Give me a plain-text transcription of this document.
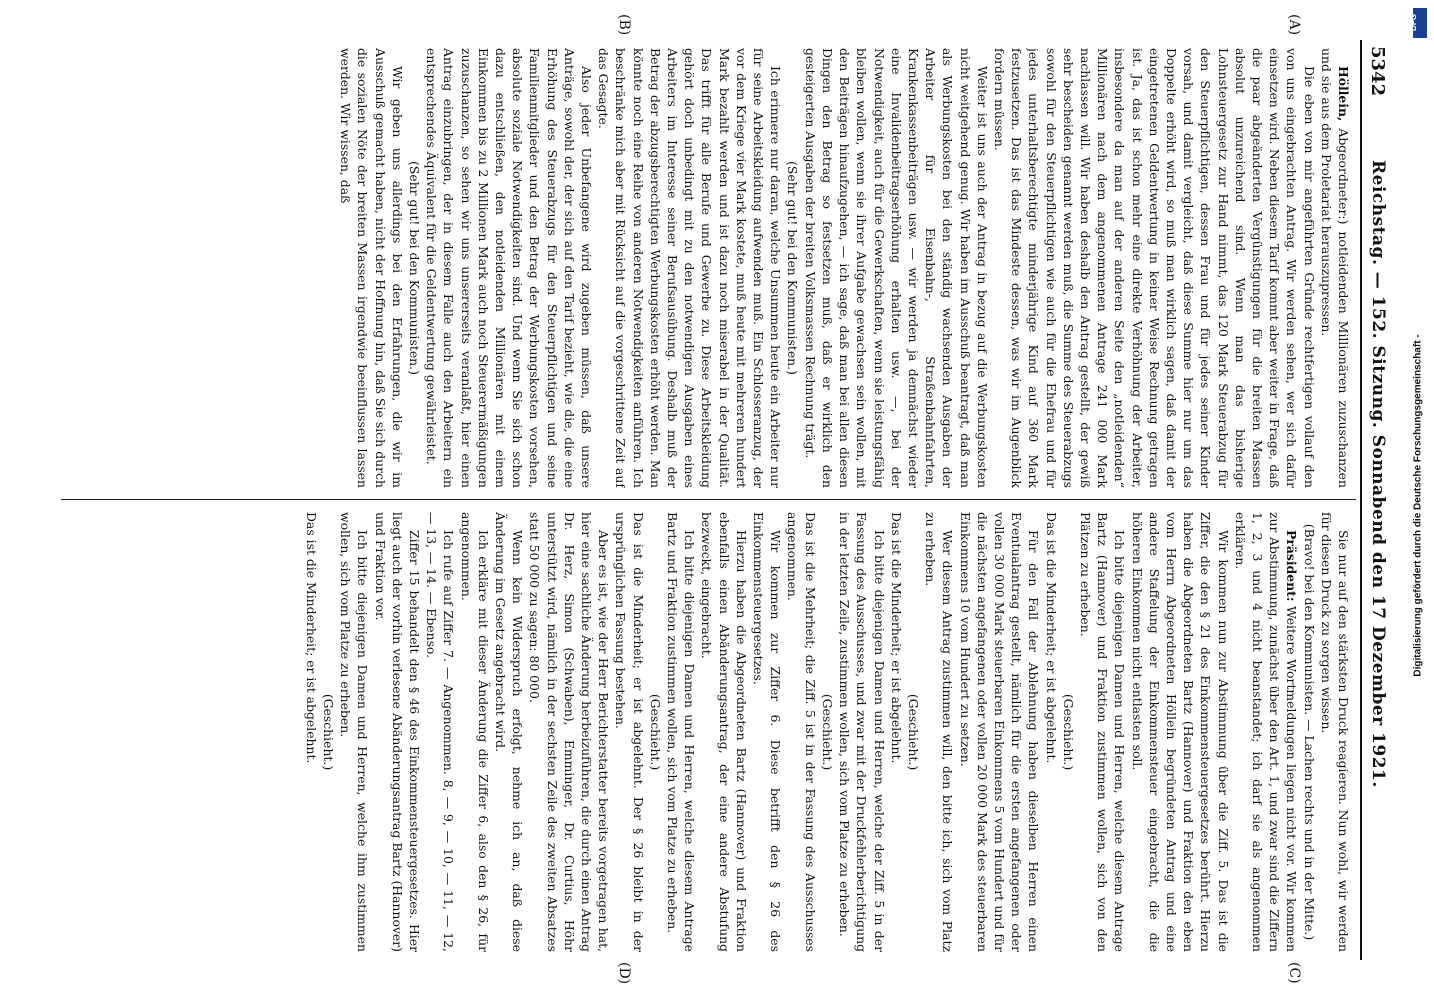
5342
Reichstag. — 152. Sitzung. Sonnabend den 17 Dezember 1921.

Höllein, Abgeordneter:) notleidenden Millionären zuzuschanzen und sie aus dem Proletariat herauszupressen.

Die eben von mir angeführten Gründe rechtfertigen vollauf den von uns eingebrachten Antrag. Wir werden sehen, wer sich dafür einsetzen wird. Neben diesem Tarif kommt aber weiter in Frage, daß die paar abgeänderten Vergünstigungen für die breiten Massen absolut unzureichend sind. Wenn man das bisherige Lohnsteuergesetz zur Hand nimmt, das 120 Mark Steuerabzug für den Steuerpflichtigen, dessen Frau und für jedes seiner Kinder vorsah, und damit vergleicht, daß diese Summe hier nur um das Doppelte erhöht wird, so muß man wirklich sagen, daß damit der eingetretenen Geldentwertung in keiner Weise Rechnung getragen ist. Ja, das ist schon mehr eine direkte Verhöhnung der Arbeiter, insbesondere da man auf der anderen Seite den „notleidenden“ Millionären nach dem angenommenen Antrage 241 000 Mark nachlassen will. Wir haben deshalb den Antrag gestellt, der gewiß sehr bescheiden genannt werden muß, die Summe des Steuerabzugs sowohl für den Steuerpflichtigen wie auch für die Ehefrau und für jedes unterhaltsberechtigte minderjährige Kind auf 360 Mark festzusetzen. Das ist das Mindeste dessen, was wir im Augenblick fordern müssen.

Weiter ist uns auch der Antrag in bezug auf die Werbungskosten nicht weitgehend genug. Wir haben im Ausschuß beantragt, daß man als Werbungskosten bei den ständig wachsenden Ausgaben der Arbeiter für Eisenbahn-, Straßenbahnfahrten, Krankenkassenbeiträgen usw. — wir werden ja demnächst wieder eine Invalidenbeitragserhöhung erhalten usw. —, bei der Notwendigkeit, auch für die Gewerkschaften, wenn sie leistungsfähig bleiben wollen, wenn sie ihrer Aufgabe gewachsen sein wollen, mit den Beiträgen hinaufzugehen, — ich sage, daß man bei allen diesen Dingen den Betrag so festsetzen muß, daß er wirklich den gesteigerten Ausgaben der breiten Volksmassen Rechnung trägt.

(Sehr gut! bei den Kommunisten.)

Ich erinnere nur daran, welche Unsummen heute ein Arbeiter nur für seine Arbeitskleidung aufwenden muß. Ein Schlosseranzug, der vor dem Kriege vier Mark kostete, muß heute mit mehreren hundert Mark bezahlt werden und ist dazu noch miserabel in der Qualität. Das trifft für alle Berufe und Gewerbe zu. Diese Arbeitskleidung gehört doch unbedingt mit zu den notwendigen Ausgaben eines Arbeiters im Interesse seiner Berufsausübung. Deshalb muß der Betrag der abzugsberechtigten Werbungskosten erhöht werden. Man könnte noch eine Reihe von anderen Notwendigkeiten anführen. Ich beschränke mich aber mit Rücksicht auf die vorgeschrittene Zeit auf das Gesagte.

Also jeder Unbefangene wird zugeben müssen, daß unsere Anträge, sowohl der, der sich auf den Tarif bezieht, wie die, die eine Erhöhung des Steuerabzugs für den Steuerpflichtigen und seine Familienmitglieder und den Betrag der Werbungskosten vorsehen, absolute soziale Notwendigkeiten sind. Und wenn Sie sich schon dazu entschließen, den notleidenden Millionären mit einem Einkommen bis zu 2 Millionen Mark auch noch Steuerermäßigungen zuzuschanzen, so sehen wir uns unsererseits veranlaßt, hier einen Antrag einzubringen, der in diesem Falle auch den Arbeitern ein entsprechendes Äquivalent für die Geldentwertung gewährleistet.

(Sehr gut! bei den Kommunisten.)

Wir geben uns allerdings bei den Erfahrungen, die wir im Ausschuß gemacht haben, nicht der Hoffnung hin, daß Sie sich durch die sozialen Nöte der breiten Massen irgendwie beeinflussen lassen werden. Wir wissen, daß

Sie nur auf den stärksten Druck reagieren. Nun wohl, wir werden für diesen Druck zu sorgen wissen.

(Bravo! bei den Kommunisten. — Lachen rechts und in der Mitte.)

Präsident: Weitere Wortmeldungen liegen nicht vor. Wir kommen zur Abstimmung, zunächst über den Art. 1, und zwar sind die Ziffern 1, 2, 3 und 4 nicht beanstandet; ich darf sie als angenommen erklären.

Wir kommen nun zur Abstimmung über die Ziff. 5. Das ist die Ziffer, die den § 21 des Einkommensteuergesetzes berührt. Hierzu haben die Abgeordneten Bartz (Hannover) und Fraktion den eben vom Herrn Abgeordneten Höllein begründeten Antrag und eine andere Staffelung der Einkommensteuer eingebracht, die die höheren Einkommen nicht entlasten soll.

Ich bitte diejenigen Damen und Herren, welche diesem Antrage Bartz (Hannover) und Fraktion zustimmen wollen, sich von den Plätzen zu erheben.

(Geschieht.)

Das ist die Minderheit; er ist abgelehnt.

Für den Fall der Ablehnung haben dieselben Herren einen Eventualantrag gestellt, nämlich für die ersten angefangenen oder vollen 30 000 Mark steuerbaren Einkommens 5 vom Hundert und für die nächsten angefangenen oder vollen 20 000 Mark des steuerbaren Einkommens 10 vom Hundert zu setzen.

Wer diesem Antrag zustimmen will, den bitte ich, sich vom Platz zu erheben.

(Geschieht.)

Das ist die Minderheit; er ist abgelehnt.

Ich bitte diejenigen Damen und Herren, welche der Ziff. 5 in der Fassung des Ausschusses, und zwar mit der Druckfehlerberichtigung in der letzten Zeile, zustimmen wollen, sich vom Platze zu erheben.

(Geschieht.)

Das ist die Mehrheit; die Ziff. 5 ist in der Fassung des Ausschusses angenommen.

Wir kommen zur Ziffer 6. Diese betrifft den § 26 des Einkommensteuergesetzes.

Hierzu haben die Abgeordneten Bartz (Hannover) und Fraktion ebenfalls einen Abänderungsantrag, der eine andere Abstufung bezweckt, eingebracht.

Ich bitte diejenigen Damen und Herren, welche diesem Antrage Bartz und Fraktion zustimmen wollen, sich vom Platze zu erheben.

(Geschieht.)

Das ist die Minderheit; er ist abgelehnt. Der § 26 bleibt in der ursprünglichen Fassung bestehen.

Aber es ist, wie der Herr Berichterstatter bereits vorgetragen hat, hier eine sachliche Änderung herbeizuführen, die durch einen Antrag Dr. Herz, Simon (Schwaben), Emminger, Dr. Curtius, Höhr unterstützt wird, nämlich in der sechsten Zeile des zweiten Absatzes statt 50 000 zu sagen: 80 000.

Wenn kein Widerspruch erfolgt, nehme ich an, daß diese Änderung im Gesetz angebracht wird.

Ich erkläre mit dieser Änderung die Ziffer 6, also den § 26, für angenommen.

Ich rufe auf Ziffer 7. — Angenommen. 8, — 9, — 10, — 11, — 12, — 13, — 14. — Ebenso.

Ziffer 15 behandelt den § 46 des Einkommensteuergesetzes. Hier liegt auch der vorhin verlesene Abänderungsantrag Bartz (Hannover) und Fraktion vor.

Ich bitte diejenigen Damen und Herren, welche ihm zustimmen wollen, sich vom Platze zu erheben.

(Geschieht.)

Das ist die Minderheit; er ist abgelehnt.

(A)
(B)
(C)
(D)
Digitalisierung gefördert durch die Deutsche Forschungsgemeinschaft -
DFG
